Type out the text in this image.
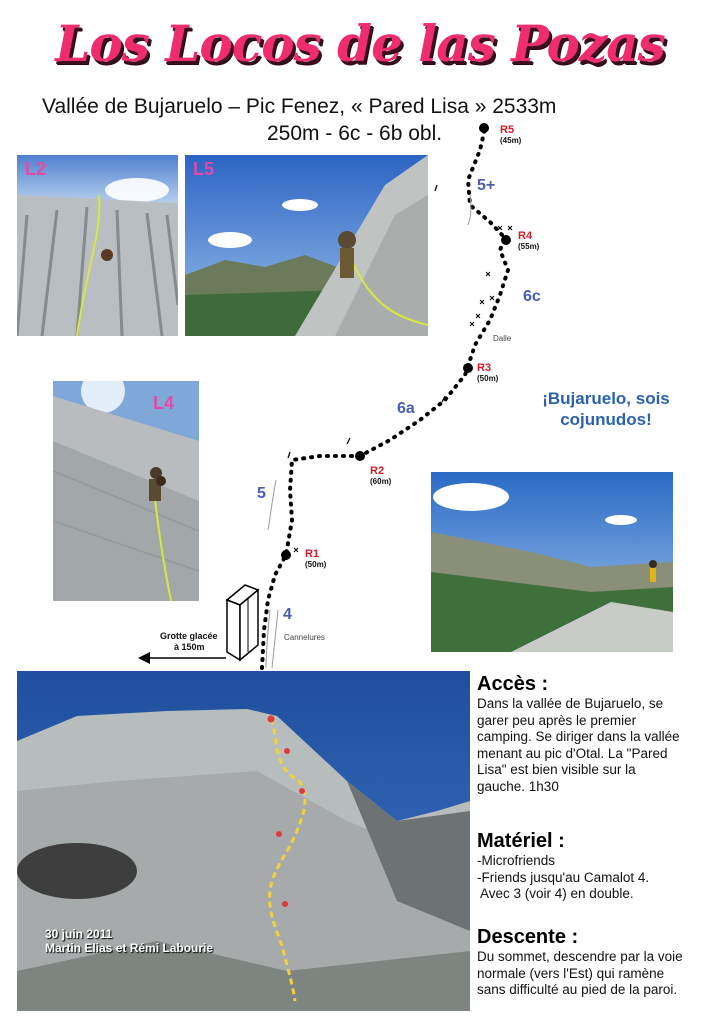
Los Locos de las Pozas
Vallée de Bujaruelo – Pic Fenez, « Pared Lisa » 2533m
250m - 6c - 6b obl.
L2	L5
L4
4
5
6a
6c
5+
R1
(50m)
R2
(60m)
R3
(50m)
R4
(55m)
R5
(45m)
Cannelures
Dalle
Grotte glacée
à 150m
¡Bujaruelo, sois
cojunudos!
30 juin 2011
Martin Elias et Rémi Labourie
Accès :
Dans la vallée de Bujaruelo, se
garer peu après le premier
camping. Se diriger dans la vallée
menant au pic d'Otal. La "Pared
Lisa" est bien visible sur la
gauche. 1h30
Matériel :
-Microfriends
-Friends jusqu'au Camalot 4.
Avec 3 (voir 4) en double.
Descente :
Du sommet, descendre par la voie
normale (vers l'Est) qui ramène
sans difficulté au pied de la paroi.
